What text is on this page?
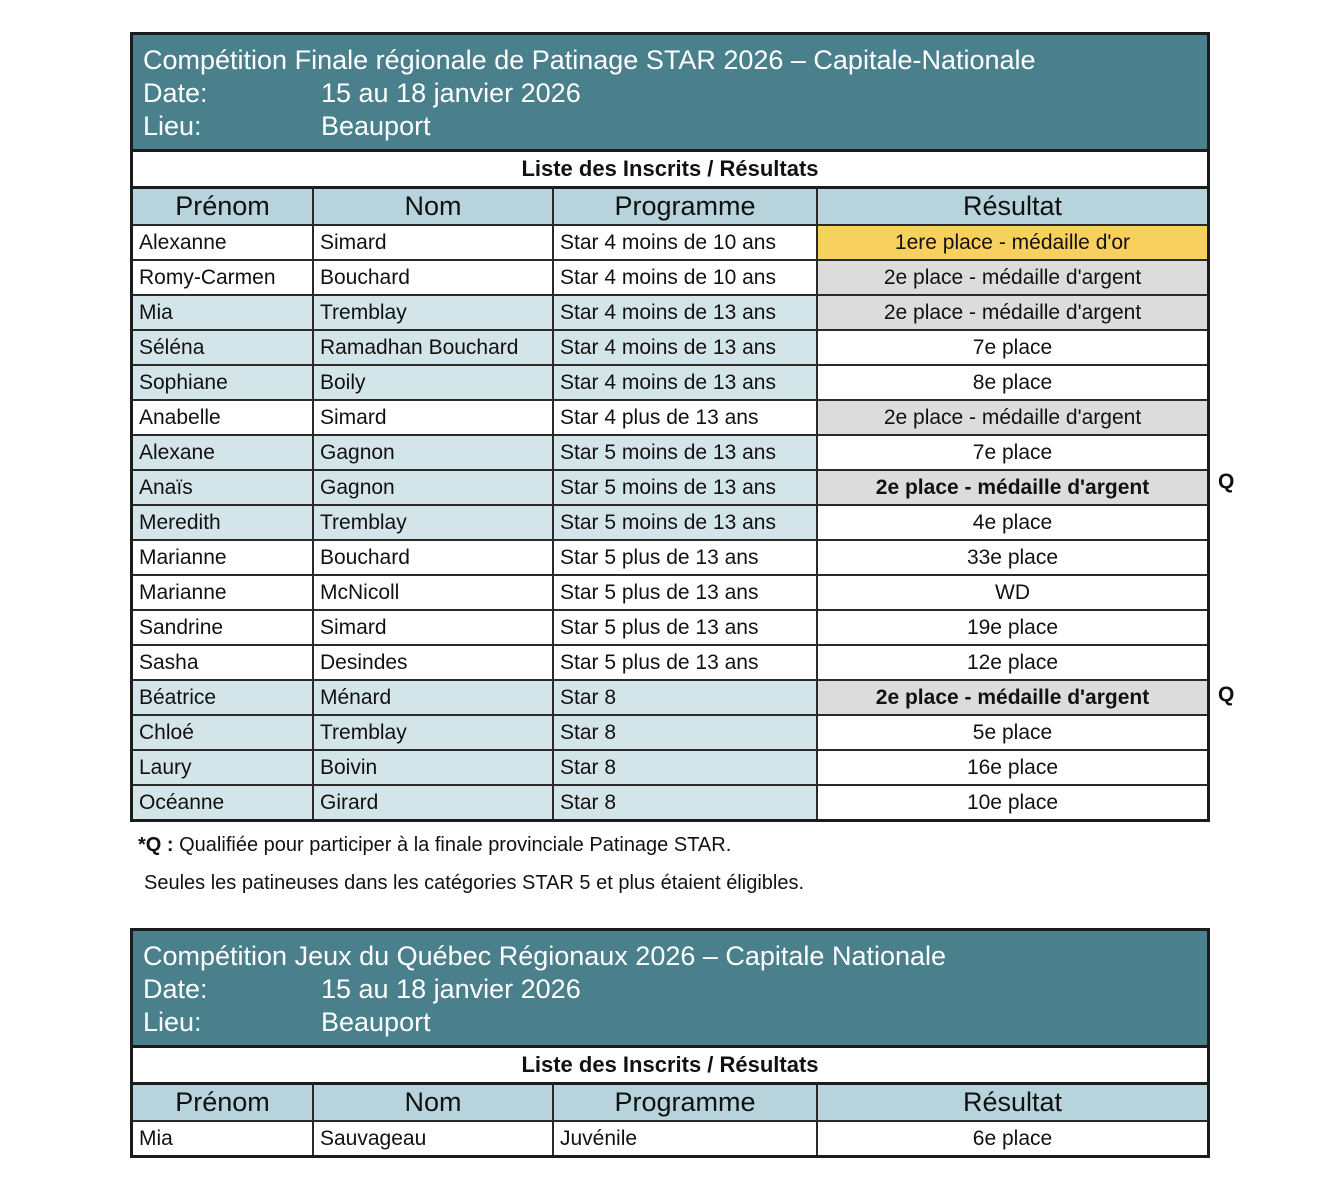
Compétition Finale régionale de Patinage STAR 2026 – Capitale-Nationale
Date:	15 au 18 janvier 2026
Lieu:	Beauport
Liste des Inscrits / Résultats
Prénom	Nom	Programme	Résultat
Alexanne	Simard	Star 4 moins de 10 ans	1ere place - médaille d'or
Romy-Carmen	Bouchard	Star 4 moins de 10 ans	2e place - médaille d'argent
Mia	Tremblay	Star 4 moins de 13 ans	2e place - médaille d'argent
Séléna	Ramadhan Bouchard	Star 4 moins de 13 ans	7e place
Sophiane	Boily	Star 4 moins de 13 ans	8e place
Anabelle	Simard	Star 4 plus de 13 ans	2e place - médaille d'argent
Alexane	Gagnon	Star 5 moins de 13 ans	7e place
Anaïs	Gagnon	Star 5 moins de 13 ans	2e place - médaille d'argent
Meredith	Tremblay	Star 5 moins de 13 ans	4e place
Marianne	Bouchard	Star 5 plus de 13 ans	33e place
Marianne	McNicoll	Star 5 plus de 13 ans	WD
Sandrine	Simard	Star 5 plus de 13 ans	19e place
Sasha	Desindes	Star 5 plus de 13 ans	12e place
Béatrice	Ménard	Star 8	2e place - médaille d'argent
Chloé	Tremblay	Star 8	5e place
Laury	Boivin	Star 8	16e place
Océanne	Girard	Star 8	10e place
Q
Q
*Q : Qualifiée pour participer à la finale provinciale Patinage STAR.
Seules les patineuses dans les catégories STAR 5 et plus étaient éligibles.
Compétition Jeux du Québec Régionaux 2026 – Capitale Nationale
Date:	15 au 18 janvier 2026
Lieu:	Beauport
Liste des Inscrits / Résultats
Prénom	Nom	Programme	Résultat
Mia	Sauvageau	Juvénile	6e place
